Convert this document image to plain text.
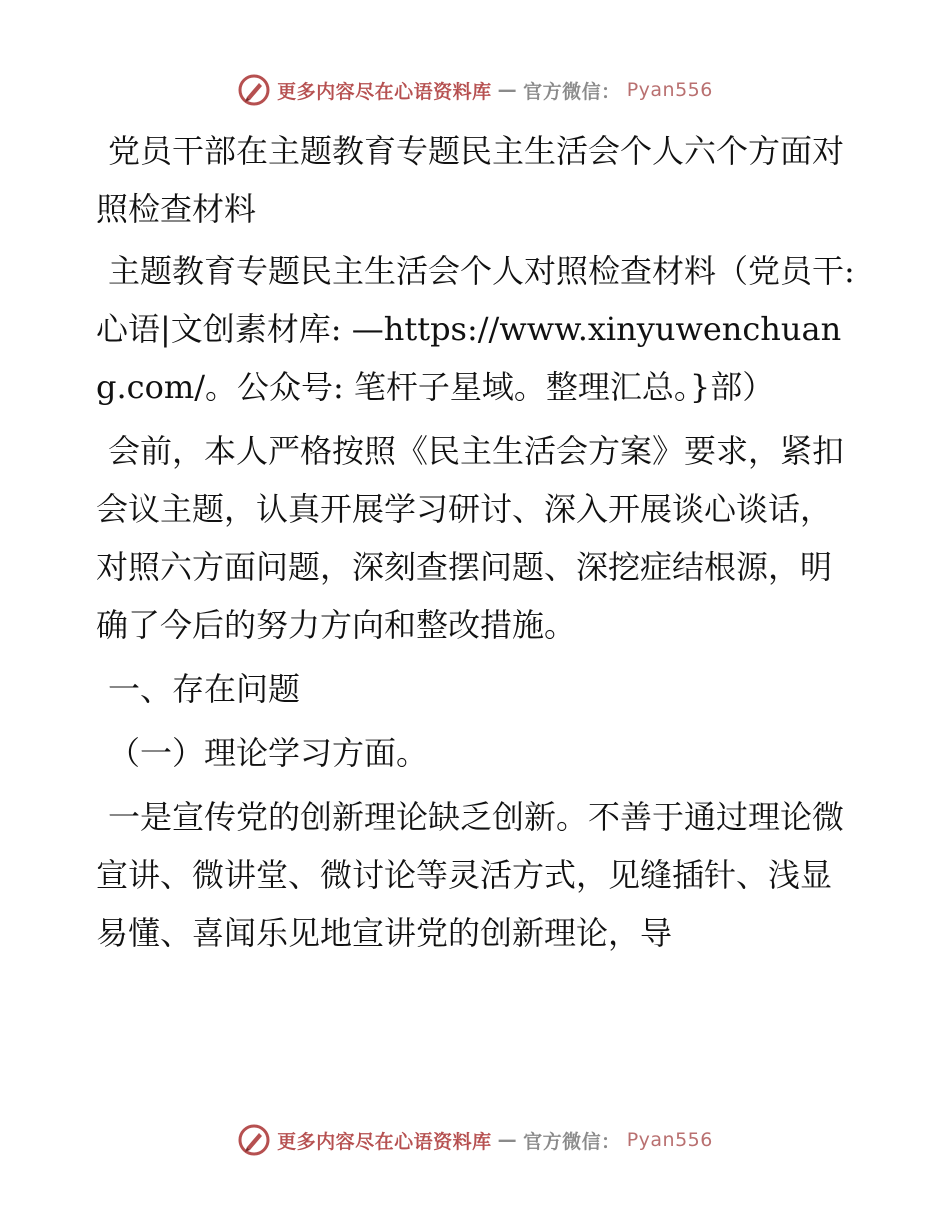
更多内容尽在心语资料库 — 官方微信： Pyan556

党员干部在主题教育专题民主生活会个人六个方面对照检查材料

主题教育专题民主生活会个人对照检查材料（党员干:心语|文创素材库: —https://www.xinyuwenchuang.com/。公众号: 笔杆子星域。整理汇总。}部）

会前，本人严格按照《民主生活会方案》要求，紧扣会议主题，认真开展学习研讨、深入开展谈心谈话，对照六方面问题，深刻查摆问题、深挖症结根源，明确了今后的努力方向和整改措施。

一、存在问题

（一）理论学习方面。

一是宣传党的创新理论缺乏创新。不善于通过理论微宣讲、微讲堂、微讨论等灵活方式，见缝插针、浅显易懂、喜闻乐见地宣讲党的创新理论，导

更多内容尽在心语资料库 — 官方微信： Pyan556
